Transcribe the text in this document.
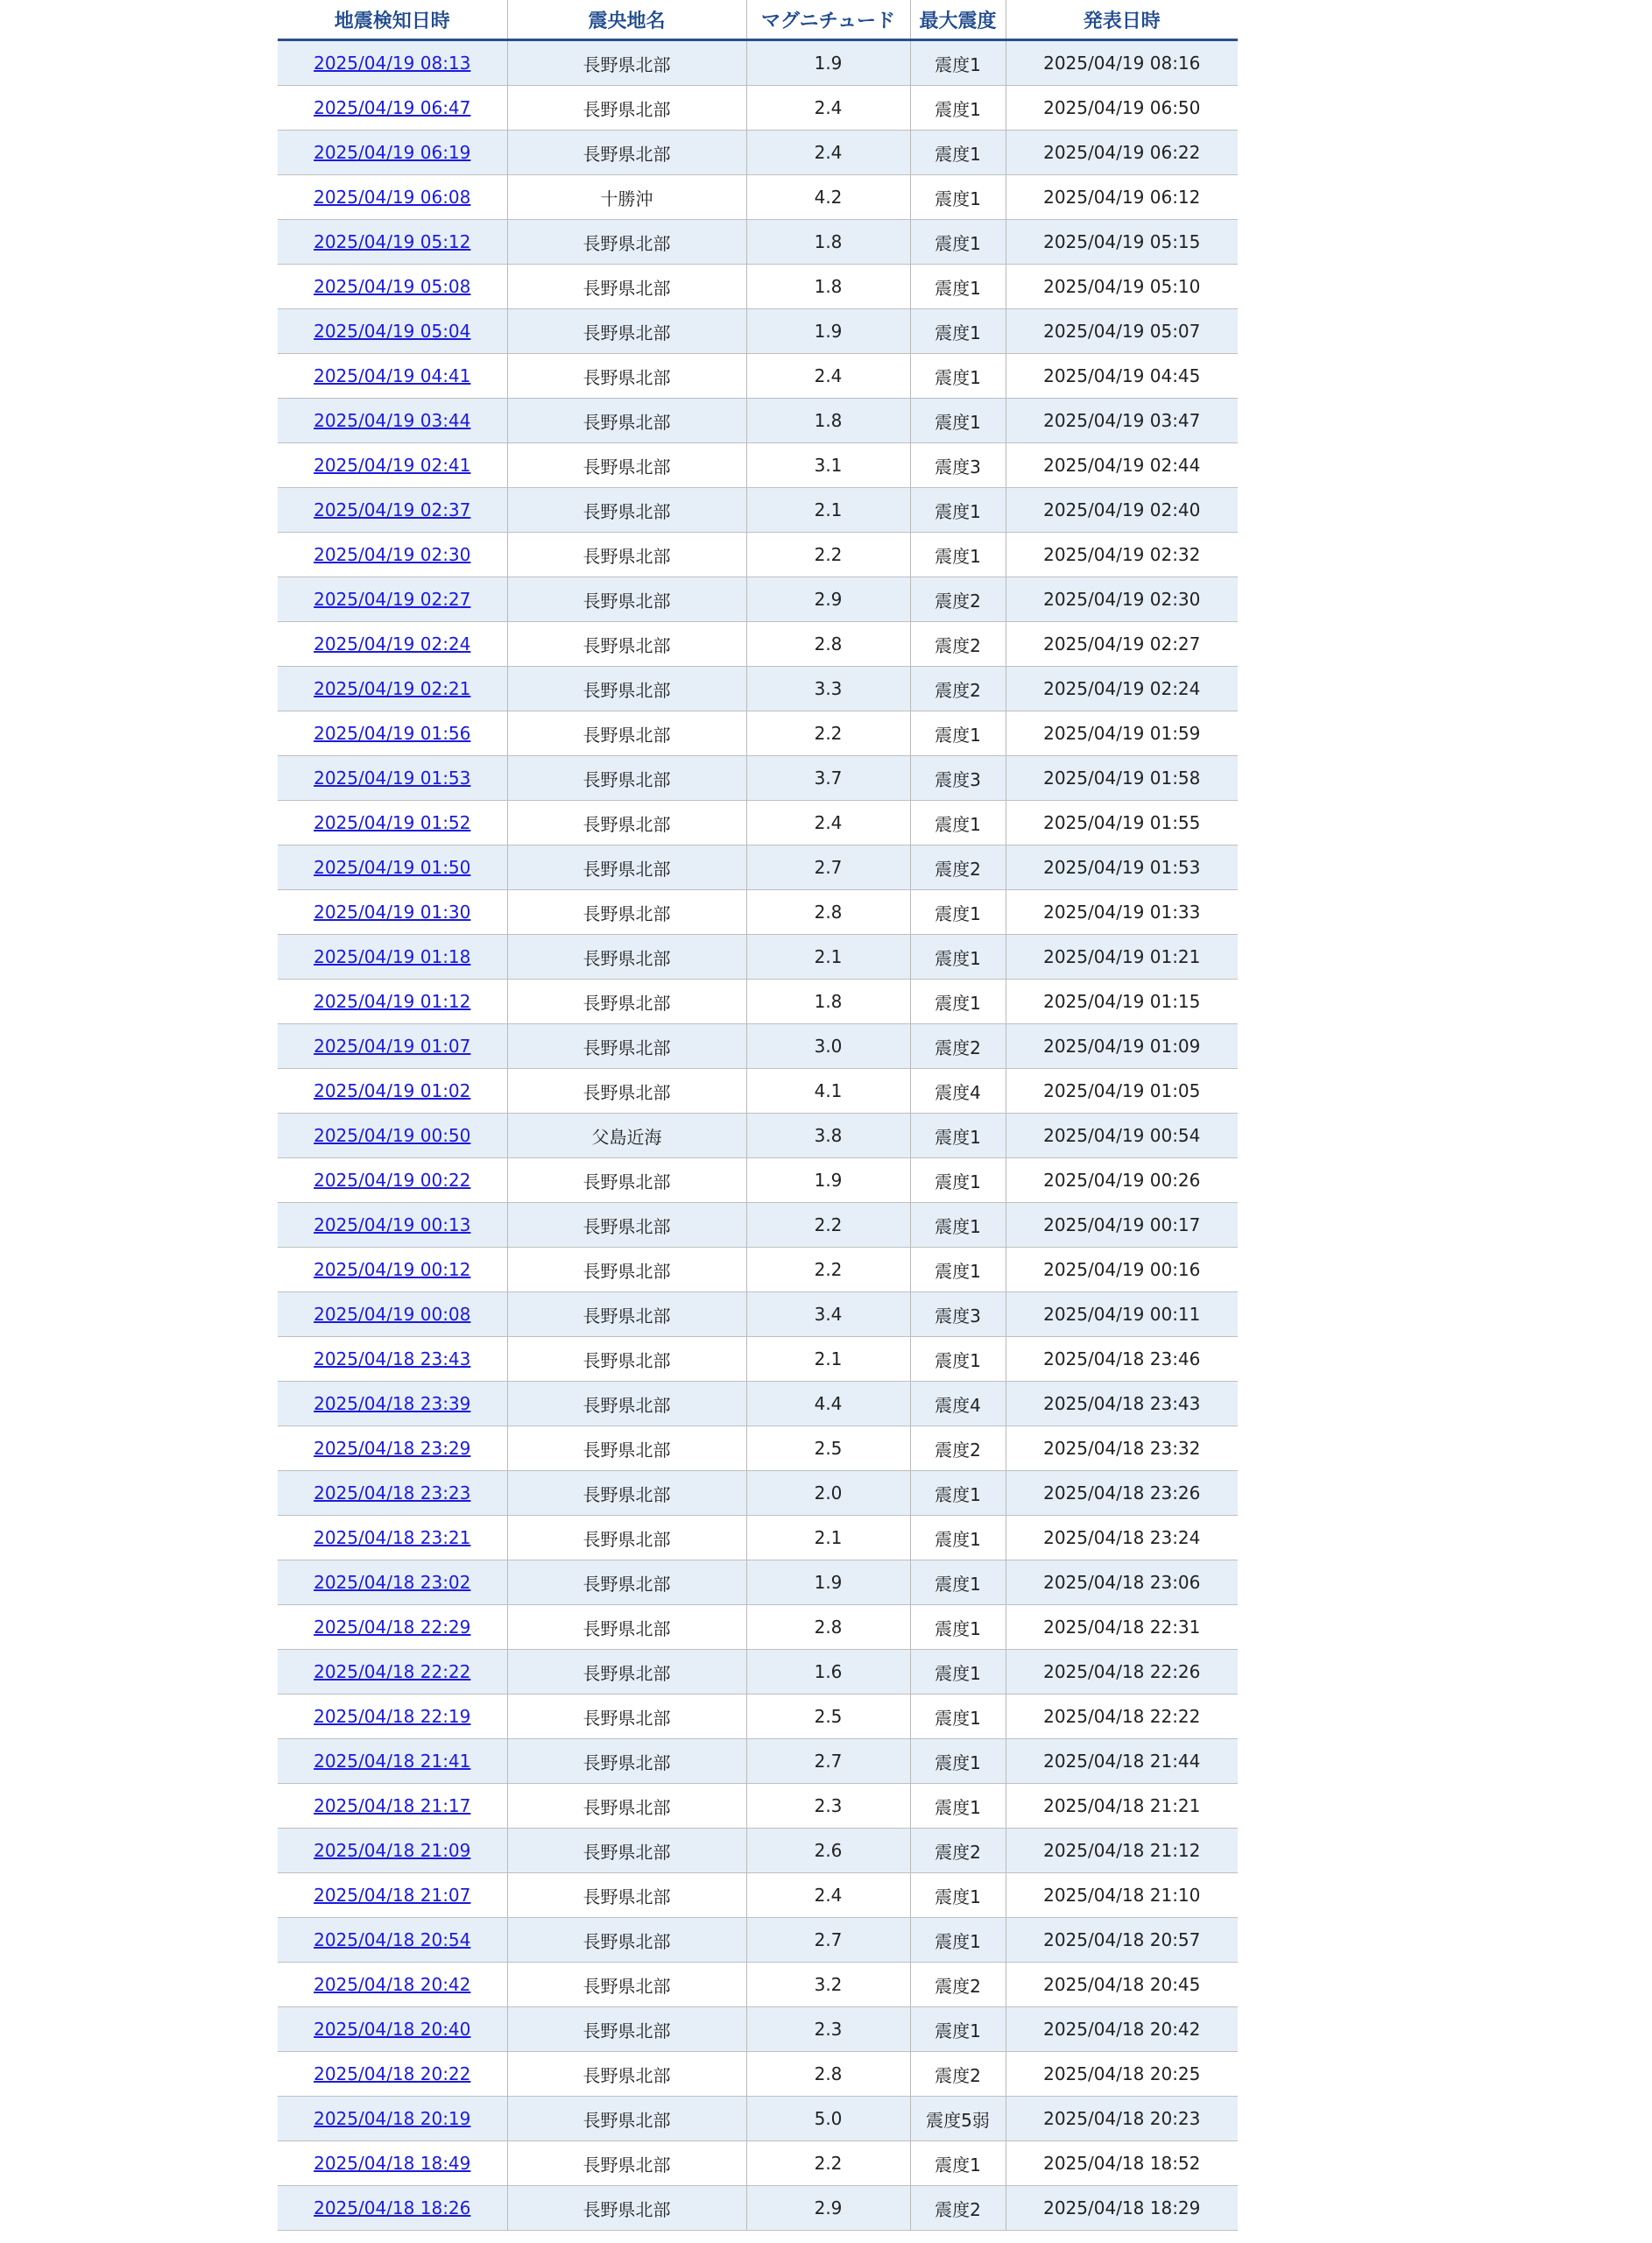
地震検知日時	震央地名	マグニチュード	最大震度	発表日時
2025/04/19 08:13	長野県北部	1.9	震度1	2025/04/19 08:16
2025/04/19 06:47	長野県北部	2.4	震度1	2025/04/19 06:50
2025/04/19 06:19	長野県北部	2.4	震度1	2025/04/19 06:22
2025/04/19 06:08	十勝沖	4.2	震度1	2025/04/19 06:12
2025/04/19 05:12	長野県北部	1.8	震度1	2025/04/19 05:15
2025/04/19 05:08	長野県北部	1.8	震度1	2025/04/19 05:10
2025/04/19 05:04	長野県北部	1.9	震度1	2025/04/19 05:07
2025/04/19 04:41	長野県北部	2.4	震度1	2025/04/19 04:45
2025/04/19 03:44	長野県北部	1.8	震度1	2025/04/19 03:47
2025/04/19 02:41	長野県北部	3.1	震度3	2025/04/19 02:44
2025/04/19 02:37	長野県北部	2.1	震度1	2025/04/19 02:40
2025/04/19 02:30	長野県北部	2.2	震度1	2025/04/19 02:32
2025/04/19 02:27	長野県北部	2.9	震度2	2025/04/19 02:30
2025/04/19 02:24	長野県北部	2.8	震度2	2025/04/19 02:27
2025/04/19 02:21	長野県北部	3.3	震度2	2025/04/19 02:24
2025/04/19 01:56	長野県北部	2.2	震度1	2025/04/19 01:59
2025/04/19 01:53	長野県北部	3.7	震度3	2025/04/19 01:58
2025/04/19 01:52	長野県北部	2.4	震度1	2025/04/19 01:55
2025/04/19 01:50	長野県北部	2.7	震度2	2025/04/19 01:53
2025/04/19 01:30	長野県北部	2.8	震度1	2025/04/19 01:33
2025/04/19 01:18	長野県北部	2.1	震度1	2025/04/19 01:21
2025/04/19 01:12	長野県北部	1.8	震度1	2025/04/19 01:15
2025/04/19 01:07	長野県北部	3.0	震度2	2025/04/19 01:09
2025/04/19 01:02	長野県北部	4.1	震度4	2025/04/19 01:05
2025/04/19 00:50	父島近海	3.8	震度1	2025/04/19 00:54
2025/04/19 00:22	長野県北部	1.9	震度1	2025/04/19 00:26
2025/04/19 00:13	長野県北部	2.2	震度1	2025/04/19 00:17
2025/04/19 00:12	長野県北部	2.2	震度1	2025/04/19 00:16
2025/04/19 00:08	長野県北部	3.4	震度3	2025/04/19 00:11
2025/04/18 23:43	長野県北部	2.1	震度1	2025/04/18 23:46
2025/04/18 23:39	長野県北部	4.4	震度4	2025/04/18 23:43
2025/04/18 23:29	長野県北部	2.5	震度2	2025/04/18 23:32
2025/04/18 23:23	長野県北部	2.0	震度1	2025/04/18 23:26
2025/04/18 23:21	長野県北部	2.1	震度1	2025/04/18 23:24
2025/04/18 23:02	長野県北部	1.9	震度1	2025/04/18 23:06
2025/04/18 22:29	長野県北部	2.8	震度1	2025/04/18 22:31
2025/04/18 22:22	長野県北部	1.6	震度1	2025/04/18 22:26
2025/04/18 22:19	長野県北部	2.5	震度1	2025/04/18 22:22
2025/04/18 21:41	長野県北部	2.7	震度1	2025/04/18 21:44
2025/04/18 21:17	長野県北部	2.3	震度1	2025/04/18 21:21
2025/04/18 21:09	長野県北部	2.6	震度2	2025/04/18 21:12
2025/04/18 21:07	長野県北部	2.4	震度1	2025/04/18 21:10
2025/04/18 20:54	長野県北部	2.7	震度1	2025/04/18 20:57
2025/04/18 20:42	長野県北部	3.2	震度2	2025/04/18 20:45
2025/04/18 20:40	長野県北部	2.3	震度1	2025/04/18 20:42
2025/04/18 20:22	長野県北部	2.8	震度2	2025/04/18 20:25
2025/04/18 20:19	長野県北部	5.0	震度5弱	2025/04/18 20:23
2025/04/18 18:49	長野県北部	2.2	震度1	2025/04/18 18:52
2025/04/18 18:26	長野県北部	2.9	震度2	2025/04/18 18:29
